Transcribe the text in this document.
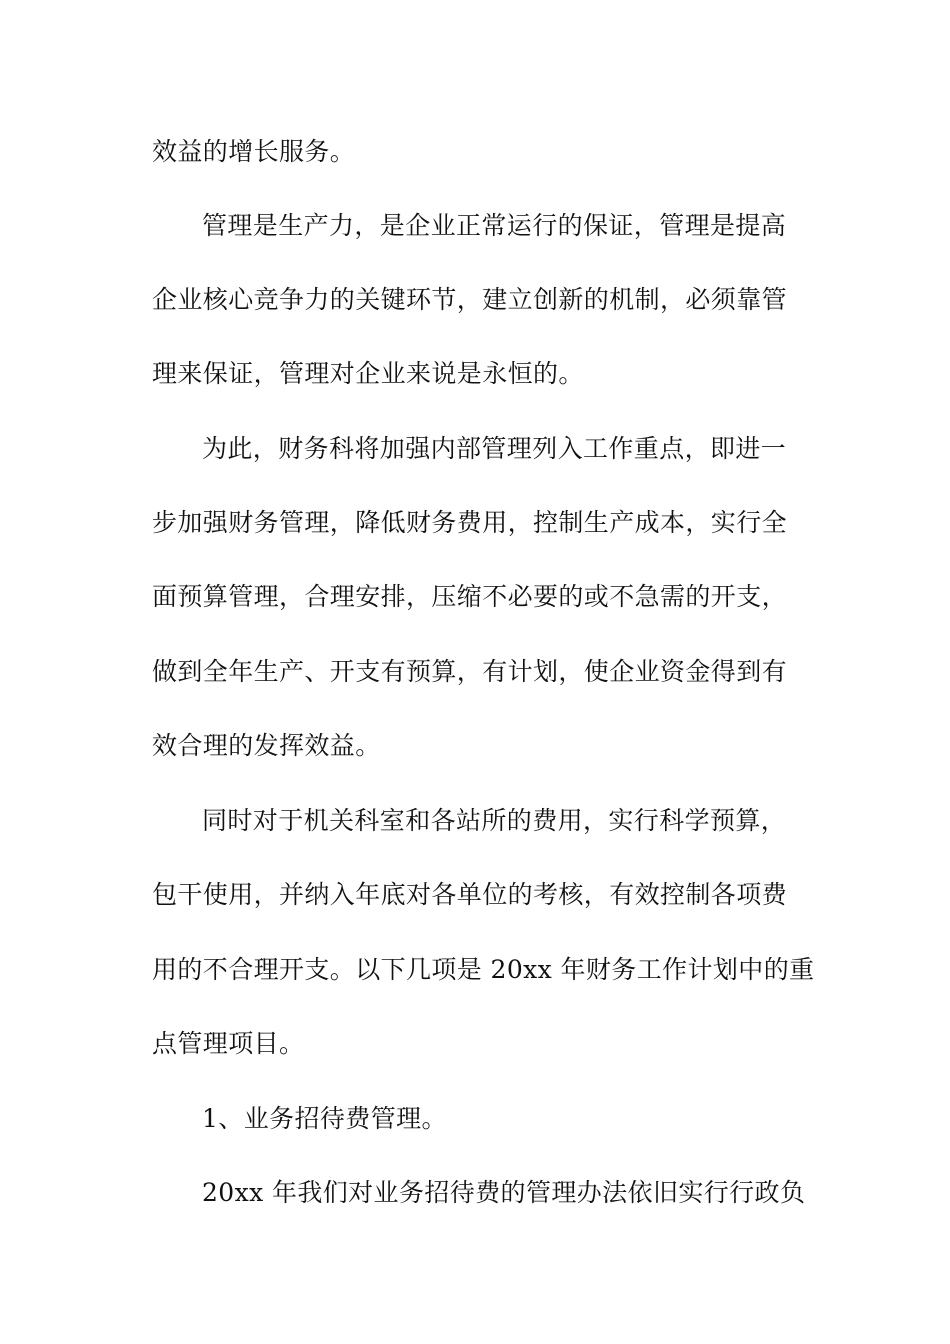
效益的增长服务。
管理是生产力，是企业正常运行的保证，管理是提高
企业核心竞争力的关键环节，建立创新的机制，必须靠管
理来保证，管理对企业来说是永恒的。
为此，财务科将加强内部管理列入工作重点，即进一
步加强财务管理，降低财务费用，控制生产成本，实行全
面预算管理，合理安排，压缩不必要的或不急需的开支，
做到全年生产、开支有预算，有计划，使企业资金得到有
效合理的发挥效益。
同时对于机关科室和各站所的费用，实行科学预算，
包干使用，并纳入年底对各单位的考核，有效控制各项费
用的不合理开支。以下几项是 20xx 年财务工作计划中的重
点管理项目。
1、业务招待费管理。
20xx 年我们对业务招待费的管理办法依旧实行行政负
